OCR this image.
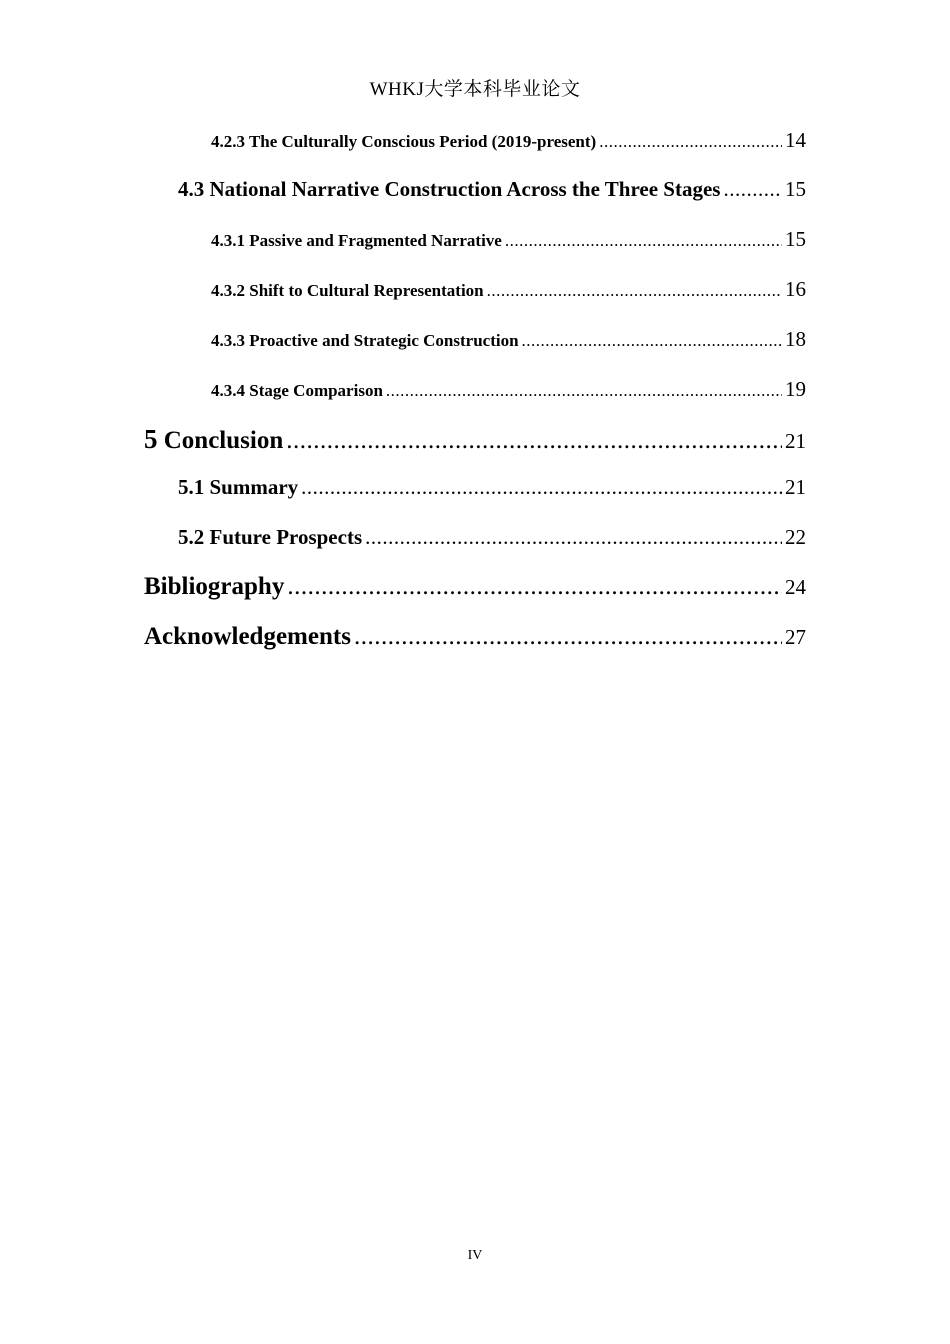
WHKJ大学本科毕业论文
4.2.3 The Culturally Conscious Period (2019-present) .....	14
4.3 National Narrative Construction Across the Three Stages .....	15
4.3.1 Passive and Fragmented Narrative .....	15
4.3.2 Shift to Cultural Representation .....	16
4.3.3 Proactive and Strategic Construction .....	18
4.3.4 Stage Comparison .....	19
5 Conclusion .....	21
5.1 Summary .....	21
5.2 Future Prospects .....	22
Bibliography .....	24
Acknowledgements .....	27
IV
